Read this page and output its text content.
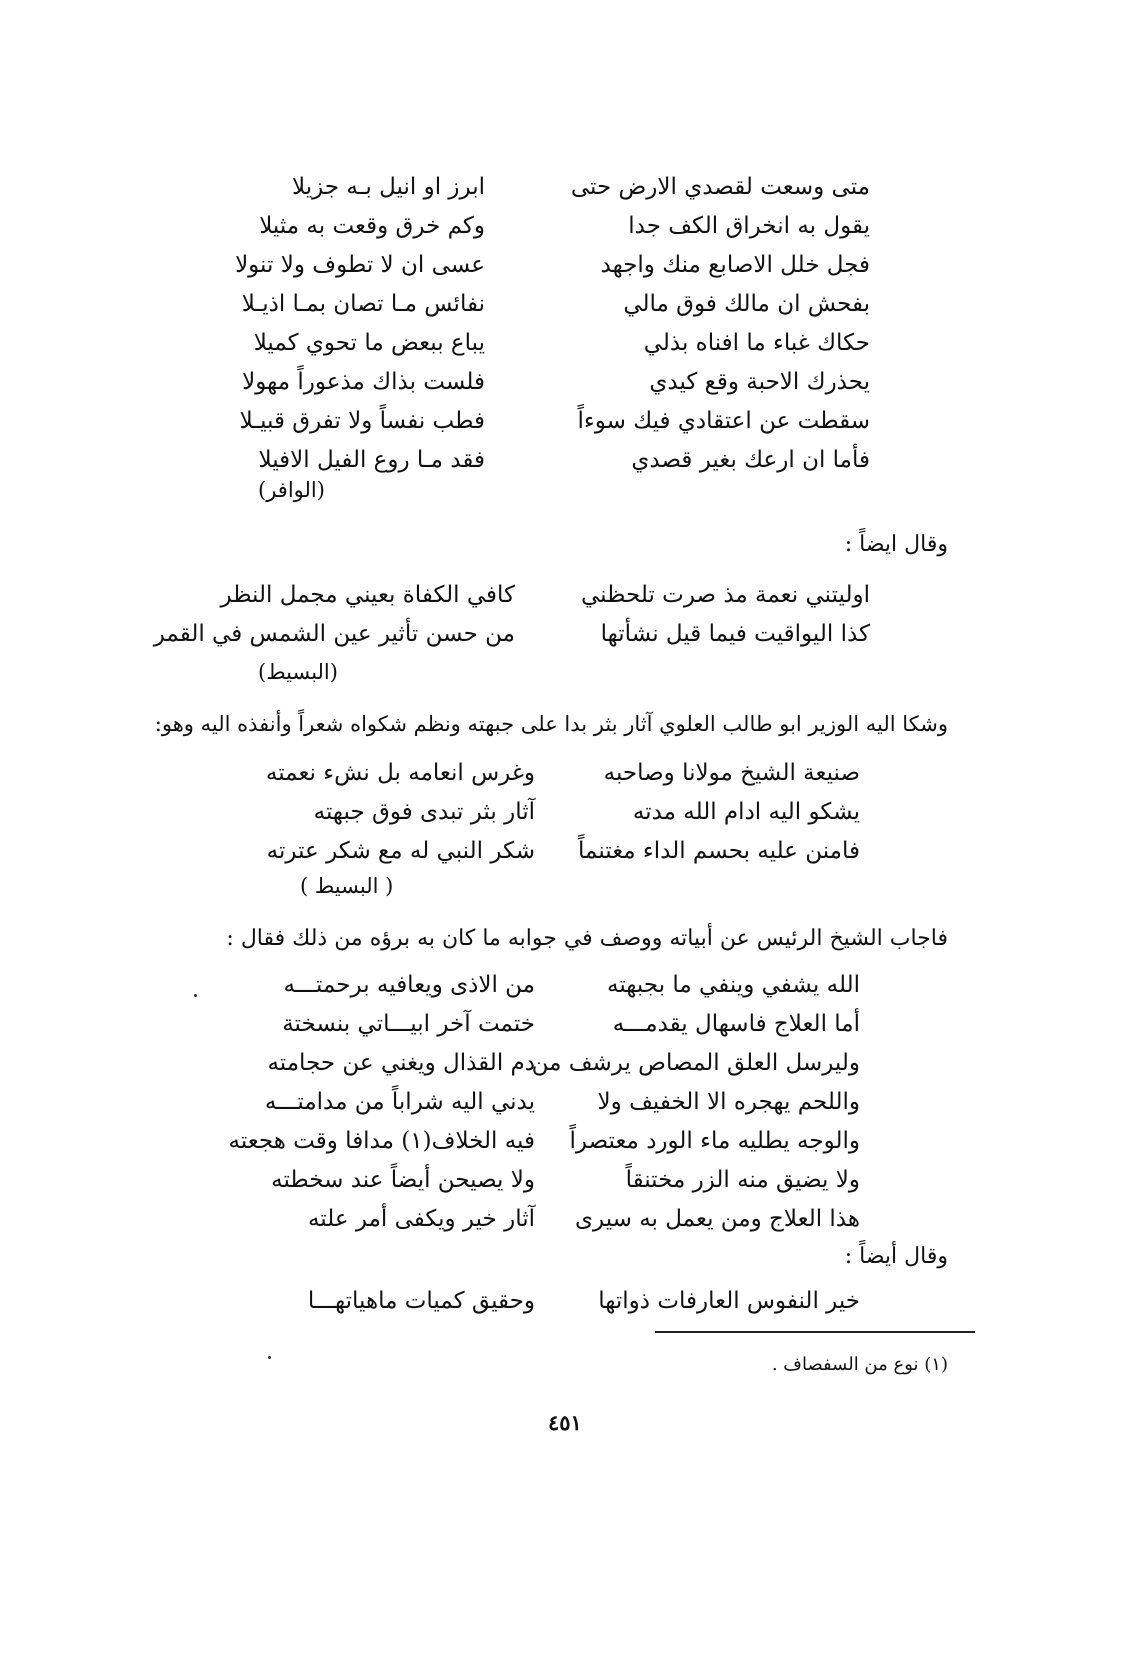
متى وسعت لقصدي الارض حتى
ابرز او انيل بـه جزيلا
يقول به انخراق الكف جدا
وكم خرق وقعت به مثيلا
فجل خلل الاصابع منك واجهد
عسى ان لا تطوف ولا تنولا
بفحش ان مالك فوق مالي
نفائس مـا تصان بمـا اذيـلا
حكاك غباء ما افناه بذلي
يباع ببعض ما تحوي كميلا
يحذرك الاحبة وقع كيدي
فلست بذاك مذعوراً مهولا
سقطت عن اعتقادي فيك سوءاً
فطب نفساً ولا تفرق قبيـلا
فأما ان ارعك بغير قصدي
فقد مـا روع الفيل الافيلا
(الوافر)
وقال ايضاً :
اوليتني نعمة مذ صرت تلحظني
كافي الكفاة بعيني مجمل النظر
كذا اليواقيت فيما قيل نشأتها
من حسن تأثير عين الشمس في القمر
(البسيط)
وشكا اليه الوزير ابو طالب العلوي آثار بثر بدا على جبهته ونظم شكواه شعراً وأنفذه اليه وهو:
صنيعة الشيخ مولانا وصاحبه
وغرس انعامه بل نشء نعمته
يشكو اليه ادام الله مدته
آثار بثر تبدى فوق جبهته
فامنن عليه بحسم الداء مغتنماً
شكر النبي له مع شكر عترته
( البسيط )
فاجاب الشيخ الرئيس عن أبياته ووصف في جوابه ما كان به برؤه من ذلك فقال :
الله يشفي وينفي ما بجبهته
من الاذى ويعافيه برحمتـــه
أما العلاج فاسهال يقدمـــه
ختمت آخر ابيـــاتي بنسختة
وليرسل العلق المصاص يرشف من
دم القذال ويغني عن حجامته
واللحم يهجره الا الخفيف ولا
يدني اليه شراباً من مدامتـــه
والوجه يطليه ماء الورد معتصراً
فيه الخلاف(١) مدافا وقت هجعته
ولا يضيق منه الزر مختنقاً
ولا يصيحن أيضاً عند سخطته
هذا العلاج ومن يعمل به سيرى
آثار خير ويكفى أمر علته
وقال أيضاً :
خير النفوس العارفات ذواتها
وحقيق كميات ماهياتهـــا
(١) نوع من السفصاف .
٤٥١
